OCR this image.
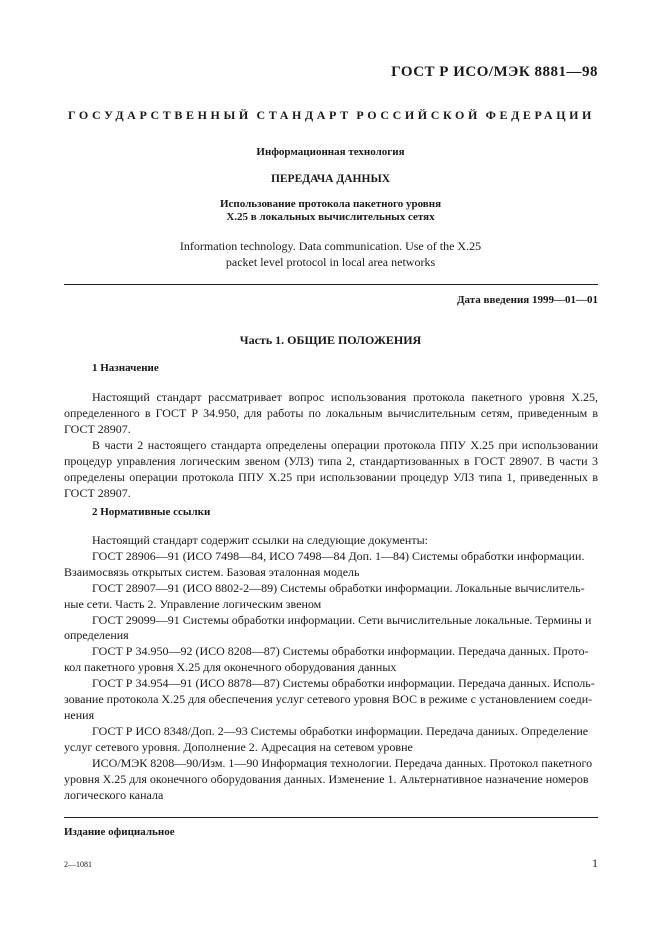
ГОСТ Р ИСО/МЭК 8881—98
ГОСУДАРСТВЕННЫЙ СТАНДАРТ РОССИЙСКОЙ ФЕДЕРАЦИИ
Информационная технология
ПЕРЕДАЧА ДАННЫХ
Использование протокола пакетного уровня
Х.25 в локальных вычислительных сетях
Information technology. Data communication. Use of the X.25
packet level protocol in local area networks
Дата введения 1999—01—01
Часть 1. ОБЩИЕ ПОЛОЖЕНИЯ
1 Назначение

Настоящий стандарт рассматривает вопрос использования протокола пакетного уровня Х.25, определенного в ГОСТ Р 34.950, для работы по локальным вычислительным сетям, приведенным в ГОСТ 28907.

В части 2 настоящего стандарта определены операции протокола ППУ Х.25 при использовании процедур управления логическим звеном (УЛЗ) типа 2, стандартизованных в ГОСТ 28907. В части 3 определены операции протокола ППУ Х.25 при использовании процедур УЛЗ типа 1, приведенных в ГОСТ 28907.

2 Нормативные ссылки

Настоящий стандарт содержит ссылки на следующие документы:

ГОСТ 28906—91 (ИСО 7498—84, ИСО 7498—84 Доп. 1—84) Системы обработки информации. Взаимосвязь открытых систем. Базовая эталонная модель

ГОСТ 28907—91 (ИСО 8802-2—89) Системы обработки информации. Локальные вычислитель-ные сети. Часть 2. Управление логическим звеном

ГОСТ 29099—91 Системы обработки информации. Сети вычислительные локальные. Термины и определения

ГОСТ Р 34.950—92 (ИСО 8208—87) Системы обработки информации. Передача данных. Прото-кол пакетного уровня Х.25 для оконечного оборудования данных

ГОСТ Р 34.954—91 (ИСО 8878—87) Системы обработки информации. Передача данных. Исполь-зование протокола Х.25 для обеспечения услуг сетевого уровня ВОС в режиме с установлением соеди-нения

ГОСТ Р ИСО 8348/Доп. 2—93 Системы обработки информации. Передача даниых. Определение услуг сетевого уровня. Дополнение 2. Адресация на сетевом уровне

ИСО/МЭК 8208—90/Изм. 1—90 Информация технологии. Передача данных. Протокол пакетного уровня Х.25 для оконечного оборудования данных. Изменение 1. Альтернативное назначение номеров логического канала

Издание официальное
2—1081	1
